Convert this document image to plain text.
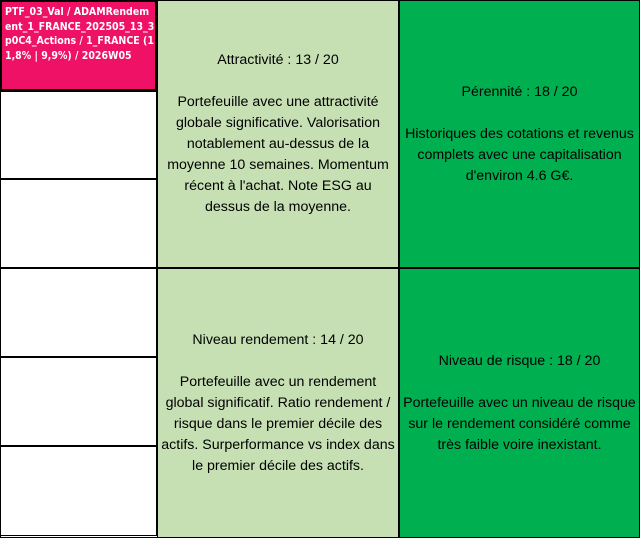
PTF_03_Val / ADAMRendement_1_FRANCE_202505_13_3p0C4_Actions / 1_FRANCE (11,8% | 9,9%) / 2026W05	Attractivité : 13 / 20
Portefeuille avec une attractivité globale significative. Valorisation notablement au-dessus de la moyenne 10 semaines. Momentum récent à l'achat. Note ESG au dessus de la moyenne.
Pérennité : 18 / 20
Historiques des cotations et revenus complets avec une capitalisation d'environ 4.6 G€.
Niveau rendement : 14 / 20
Portefeuille avec un rendement global significatif. Ratio rendement / risque dans le premier décile des actifs. Surperformance vs index dans le premier décile des actifs.
Niveau de risque : 18 / 20
Portefeuille avec un niveau de risque sur le rendement considéré comme très faible voire inexistant.
